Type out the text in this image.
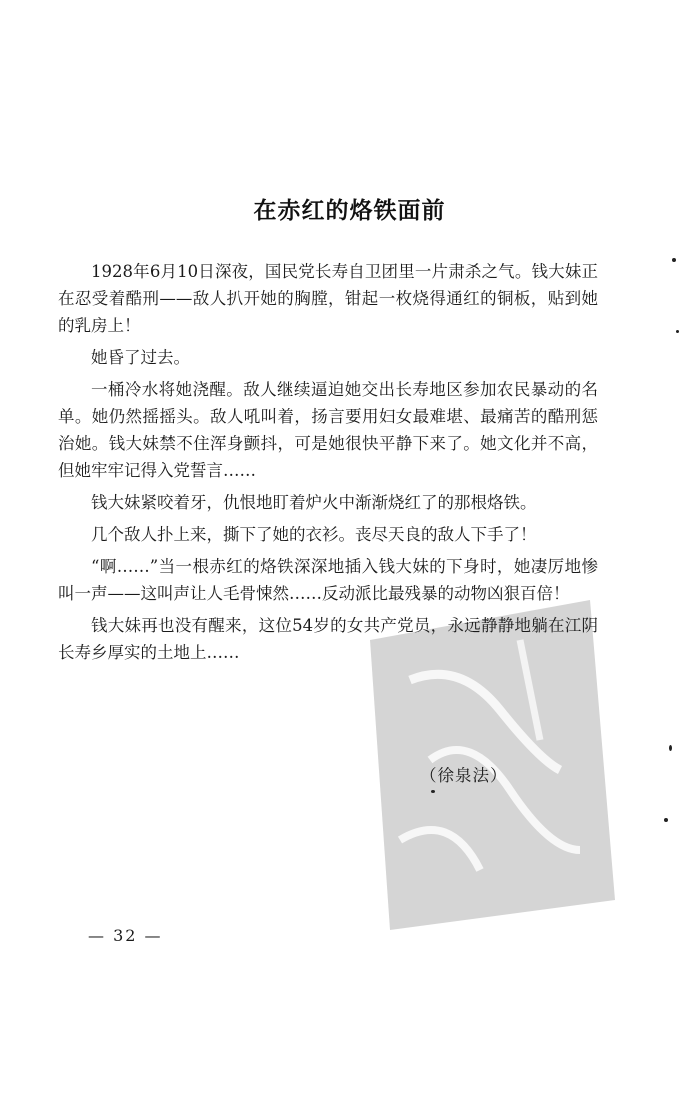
在赤红的烙铁面前

1928年6月10日深夜，国民党长寿自卫团里一片肃杀之气。钱大妹正在忍受着酷刑——敌人扒开她的胸膛，钳起一枚烧得通红的铜板，贴到她的乳房上！

她昏了过去。

一桶冷水将她浇醒。敌人继续逼迫她交出长寿地区参加农民暴动的名单。她仍然摇摇头。敌人吼叫着，扬言要用妇女最难堪、最痛苦的酷刑惩治她。钱大妹禁不住浑身颤抖，可是她很快平静下来了。她文化并不高，但她牢牢记得入党誓言……

钱大妹紧咬着牙，仇恨地盯着炉火中渐渐烧红了的那根烙铁。

几个敌人扑上来，撕下了她的衣衫。丧尽天良的敌人下手了！

“啊……”当一根赤红的烙铁深深地插入钱大妹的下身时，她凄厉地惨叫一声——这叫声让人毛骨悚然……反动派比最残暴的动物凶狠百倍！

钱大妹再也没有醒来，这位54岁的女共产党员，永远静静地躺在江阴长寿乡厚实的土地上……

（徐泉法）
— 32 —
